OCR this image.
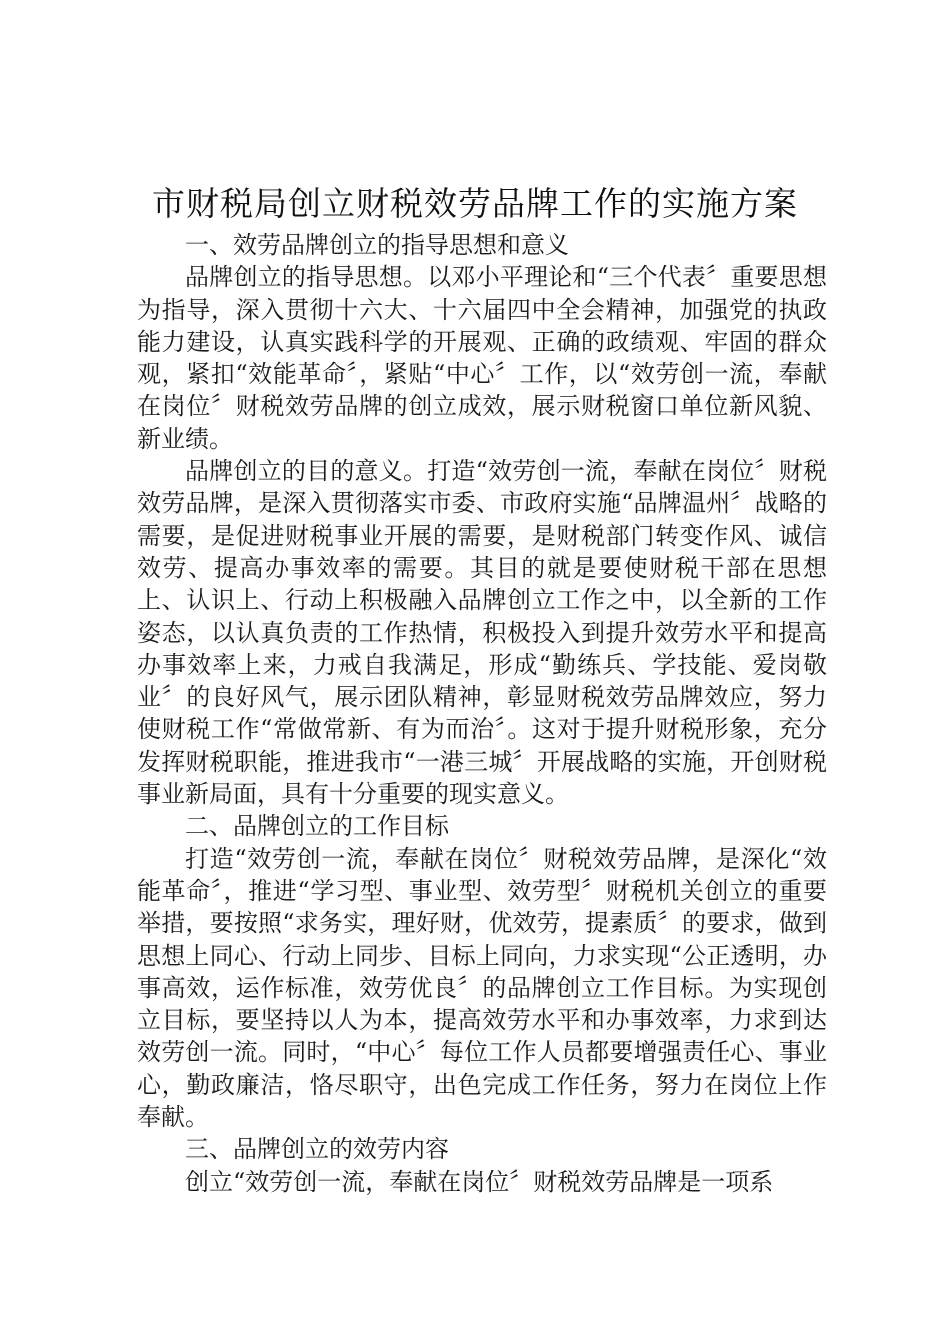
市财税局创立财税效劳品牌工作的实施方案

一、效劳品牌创立的指导思想和意义

品牌创立的指导思想。以邓小平理论和“三个代表〞重要思想为指导，深入贯彻十六大、十六届四中全会精神，加强党的执政能力建设，认真实践科学的开展观、正确的政绩观、牢固的群众观，紧扣“效能革命〞，紧贴“中心〞工作，以“效劳创一流，奉献在岗位〞财税效劳品牌的创立成效，展示财税窗口单位新风貌、新业绩。

品牌创立的目的意义。打造“效劳创一流，奉献在岗位〞财税效劳品牌，是深入贯彻落实市委、市政府实施“品牌温州〞战略的需要，是促进财税事业开展的需要，是财税部门转变作风、诚信效劳、提高办事效率的需要。其目的就是要使财税干部在思想上、认识上、行动上积极融入品牌创立工作之中，以全新的工作姿态，以认真负责的工作热情，积极投入到提升效劳水平和提高办事效率上来，力戒自我满足，形成“勤练兵、学技能、爱岗敬业〞的良好风气，展示团队精神，彰显财税效劳品牌效应，努力使财税工作“常做常新、有为而治〞。这对于提升财税形象，充分发挥财税职能，推进我市“一港三城〞开展战略的实施，开创财税事业新局面，具有十分重要的现实意义。

二、品牌创立的工作目标

打造“效劳创一流，奉献在岗位〞财税效劳品牌，是深化“效能革命〞，推进“学习型、事业型、效劳型〞财税机关创立的重要举措，要按照“求务实，理好财，优效劳，提素质〞的要求，做到思想上同心、行动上同步、目标上同向，力求实现“公正透明，办事高效，运作标准，效劳优良〞的品牌创立工作目标。为实现创立目标，要坚持以人为本，提高效劳水平和办事效率，力求到达效劳创一流。同时，“中心〞每位工作人员都要增强责任心、事业心，勤政廉洁，恪尽职守，出色完成工作任务，努力在岗位上作奉献。

三、品牌创立的效劳内容

创立“效劳创一流，奉献在岗位〞财税效劳品牌是一项系
